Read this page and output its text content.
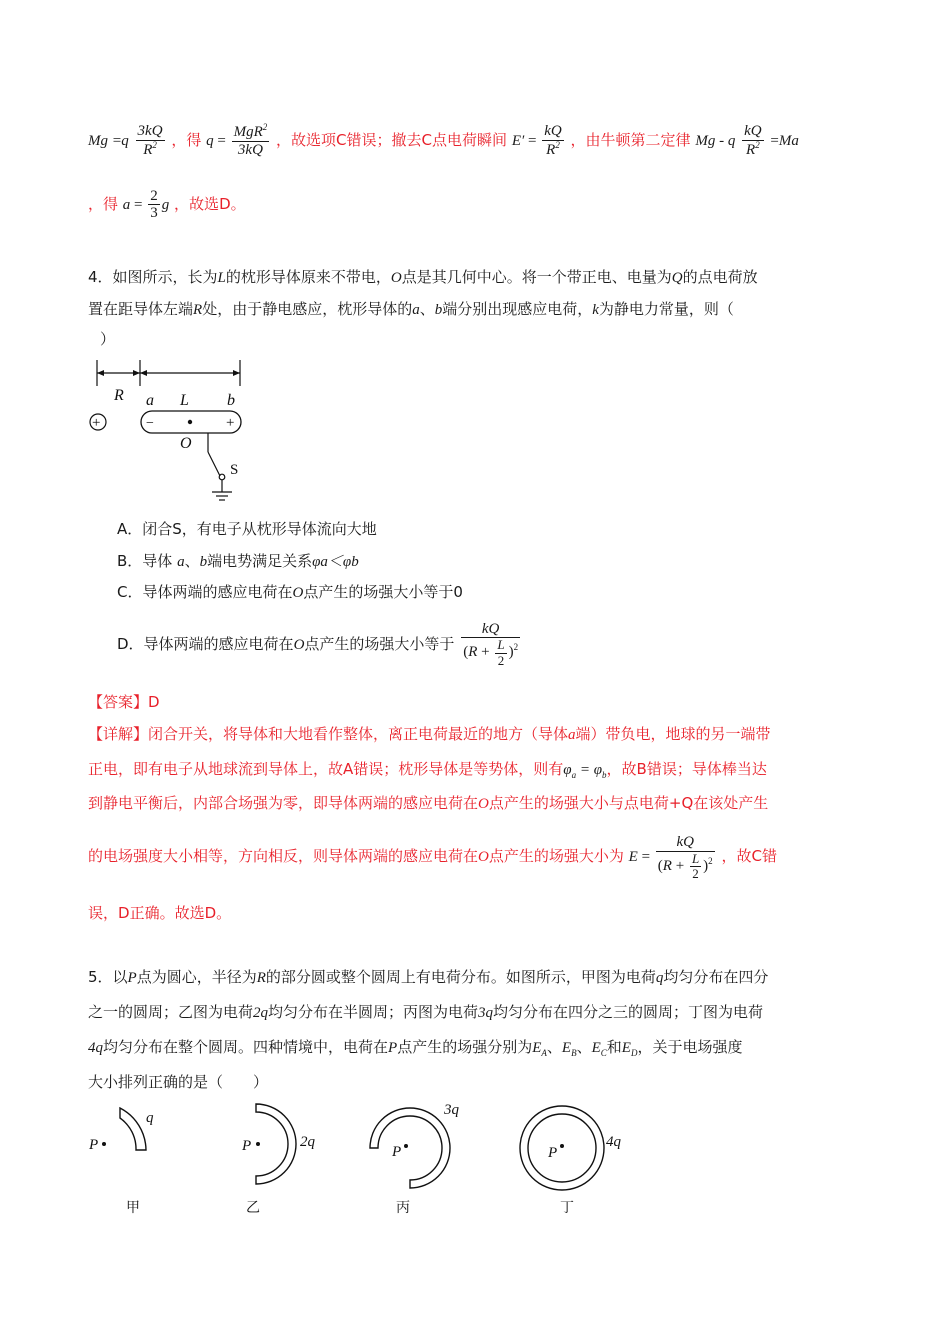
$Mg =q \frac{3kQ}{R^2}$ ，得 $q = \frac{MgR^2}{3kQ}$ ，故选项C错误；撤去C点电荷瞬间 $E' = \frac{kQ}{R^2}$ ，由牛顿第二定律 Mg - q $\frac{kQ}{R^2} =Ma$
，得 $a = \frac{2}{3}$ g ，故选D。
4．如图所示，长为L的枕形导体原来不带电，O点是其几何中心。将一个带正电、电量为Q的点电荷放
置在距导体左端R处，由于静电感应，枕形导体的a、b端分别出现感应电荷，k为静电力常量，则（
）
R a L b
+	−	+
O
S
A．闭合S，有电子从枕形导体流向大地
B．导体 a、b端电势满足关系φa＜φb
C．导体两端的感应电荷在O点产生的场强大小等于0
D．导体两端的感应电荷在O点产生的场强大小等于 $\frac{kQ}{(R + \frac{L}{2} )^2}$
【答案】D
【详解】闭合开关，将导体和大地看作整体，离正电荷最近的地方（导体a端）带负电，地球的另一端带
正电，即有电子从地球流到导体上，故A错误；枕形导体是等势体，则有$\varphi_a = \varphi_b$，故B错误；导体棒当达
到静电平衡后，内部合场强为零，即导体两端的感应电荷在O点产生的场强大小与点电荷+Q在该处产生
的电场强度大小相等，方向相反，则导体两端的感应电荷在O点产生的场强大小为 $E = \frac{kQ}{(R + \frac{L}{2} )^2}$ ，故C错
误，D正确。故选D。
5．以P点为圆心，半径为R的部分圆或整个圆周上有电荷分布。如图所示，甲图为电荷q均匀分布在四分
之一的圆周；乙图为电荷2q均匀分布在半圆周；丙图为电荷3q均匀分布在四分之三的圆周；丁图为电荷
4q均匀分布在整个圆周。四种情境中，电荷在P点产生的场强分别为$E_A$、$E_B$、$E_C$和$E_D$，关于电场强度
大小排列正确的是（　　）
P
q
甲
P	2q
乙
P
3q
丙
P
4q
丁
